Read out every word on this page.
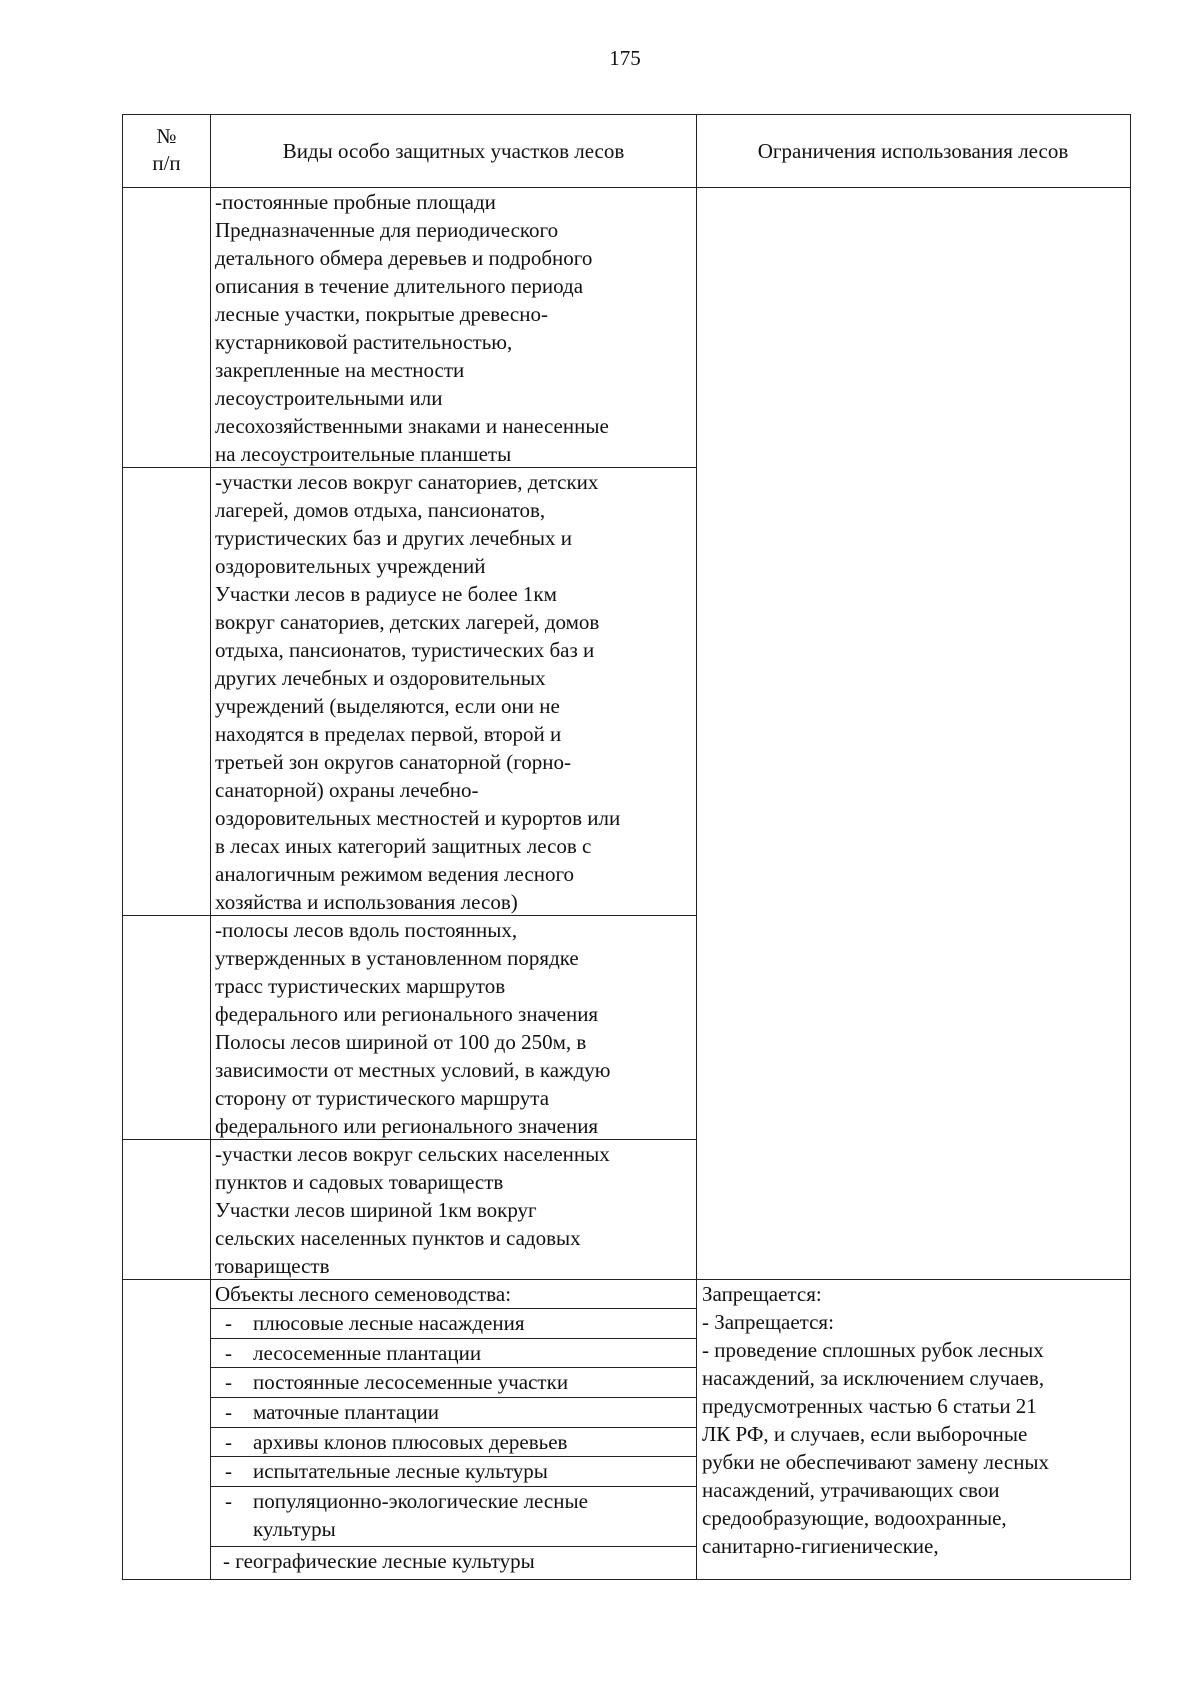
175
№
п/п	Виды особо защитных участков лесов	Ограничения использования лесов
-постоянные пробные площади
Предназначенные для периодического
детального обмера деревьев и подробного
описания в течение длительного периода
лесные участки, покрытые древесно-
кустарниковой растительностью,
закрепленные на местности
лесоустроительными или
лесохозяйственными знаками и нанесенные
на лесоустроительные планшеты
-участки лесов вокруг санаториев, детских
лагерей, домов отдыха, пансионатов,
туристических баз и других лечебных и
оздоровительных учреждений
Участки лесов в радиусе не более 1км
вокруг санаториев, детских лагерей, домов
отдыха, пансионатов, туристических баз и
других лечебных и оздоровительных
учреждений (выделяются, если они не
находятся в пределах первой, второй и
третьей зон округов санаторной (горно-
санаторной) охраны лечебно-
оздоровительных местностей и курортов или
в лесах иных категорий защитных лесов с
аналогичным режимом ведения лесного
хозяйства и использования лесов)
-полосы лесов вдоль постоянных,
утвержденных в установленном порядке
трасс туристических маршрутов
федерального или регионального значения
Полосы лесов шириной от 100 до 250м, в
зависимости от местных условий, в каждую
сторону от туристического маршрута
федерального или регионального значения
-участки лесов вокруг сельских населенных
пунктов и садовых товариществ
Участки лесов шириной 1км вокруг
сельских населенных пунктов и садовых
товариществ
Объекты лесного семеноводства:
- плюсовые лесные насаждения
- лесосеменные плантации
- постоянные лесосеменные участки
- маточные плантации
- архивы клонов плюсовых деревьев
- испытательные лесные культуры
- популяционно-экологические лесные
культуры
- географические лесные культуры
Запрещается:
- Запрещается:
- проведение сплошных рубок лесных
насаждений, за исключением случаев,
предусмотренных частью 6 статьи 21
ЛК РФ, и случаев, если выборочные
рубки не обеспечивают замену лесных
насаждений, утрачивающих свои
средообразующие, водоохранные,
санитарно-гигиенические,
